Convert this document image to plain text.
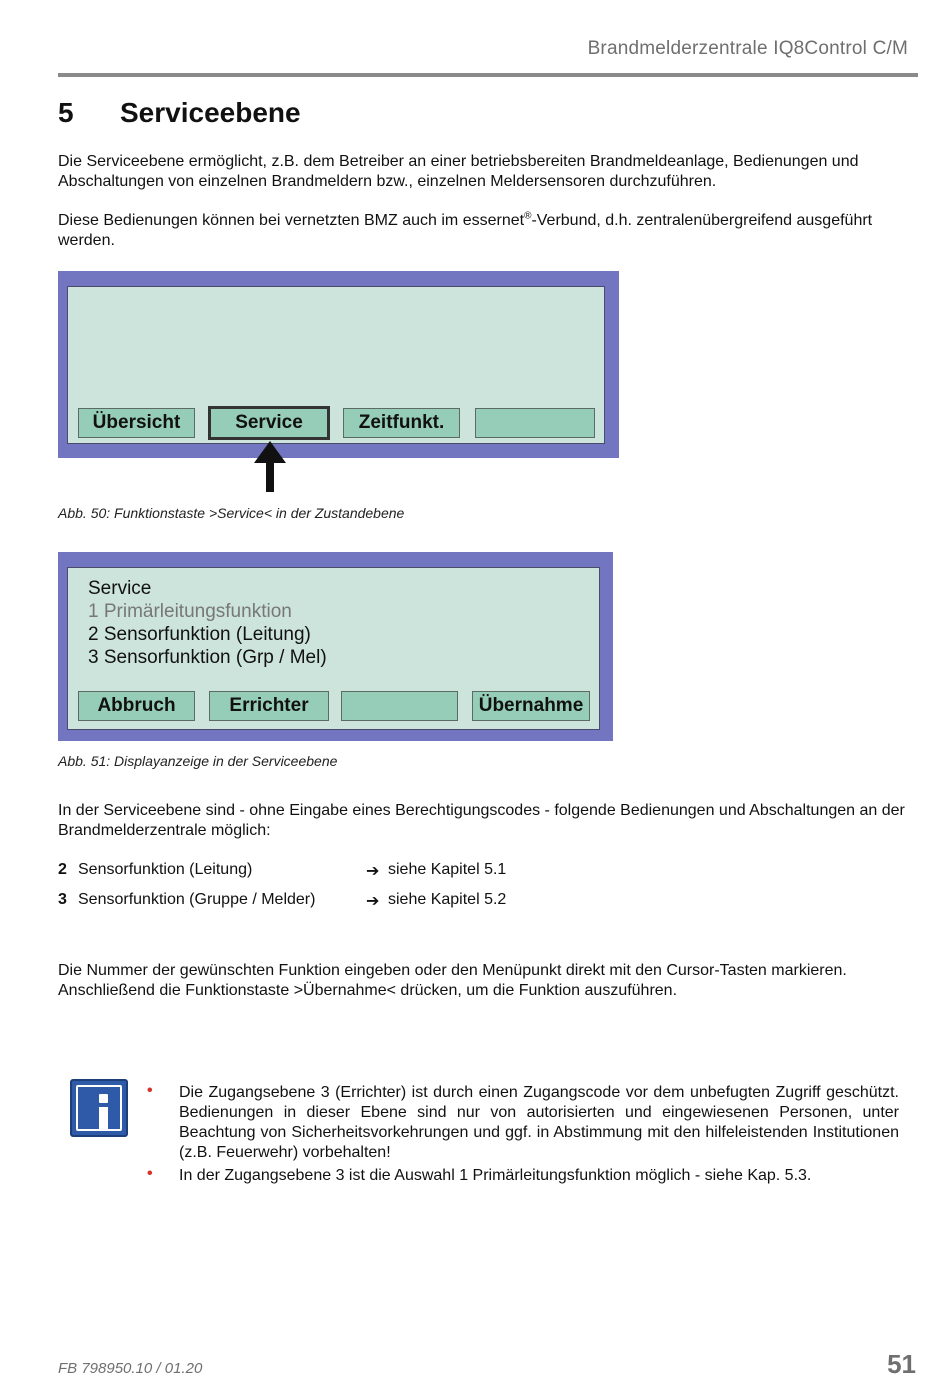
Brandmelderzentrale IQ8Control C/M
5 Serviceebene
Die Serviceebene ermöglicht, z.B. dem Betreiber an einer betriebsbereiten Brandmeldeanlage, Bedienungen und Abschaltungen von einzelnen Brandmeldern bzw., einzelnen Meldersensoren durchzuführen.
Diese Bedienungen können bei vernetzten BMZ auch im essernet®-Verbund, d.h. zentralenübergreifend ausgeführt werden.
Übersicht	Service	Zeitfunkt.
Abb. 50: Funktionstaste >Service< in der Zustandebene
Service
1 Primärleitungsfunktion
2 Sensorfunktion (Leitung)
3 Sensorfunktion (Grp / Mel)
Abbruch	Errichter	Übernahme
Abb. 51: Displayanzeige in der Serviceebene
In der Serviceebene sind - ohne Eingabe eines Berechtigungscodes - folgende Bedienungen und Abschaltungen an der Brandmelderzentrale möglich:
2 Sensorfunktion (Leitung)	➔ siehe Kapitel 5.1
3 Sensorfunktion (Gruppe / Melder)	➔ siehe Kapitel 5.2
Die Nummer der gewünschten Funktion eingeben oder den Menüpunkt direkt mit den Cursor-Tasten markieren. Anschließend die Funktionstaste >Übernahme< drücken, um die Funktion auszuführen.
• Die Zugangsebene 3 (Errichter) ist durch einen Zugangscode vor dem unbefugten Zugriff geschützt. Bedienungen in dieser Ebene sind nur von autorisierten und eingewiesenen Personen, unter Beachtung von Sicherheitsvorkehrungen und ggf. in Abstimmung mit den hilfeleistenden Institutionen (z.B. Feuerwehr) vorbehalten!
• In der Zugangsebene 3 ist die Auswahl 1 Primärleitungsfunktion möglich - siehe Kap. 5.3.
FB 798950.10 / 01.20	51
